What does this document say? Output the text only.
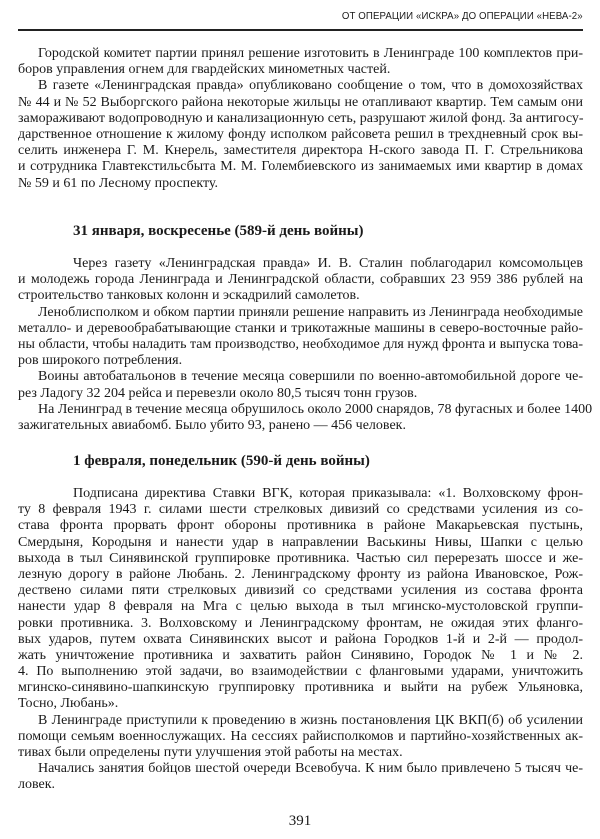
ОТ ОПЕРАЦИИ «ИСКРА» ДО ОПЕРАЦИИ «НЕВА-2»
Городской комитет партии принял решение изготовить в Ленинграде 100 комплектов при-
боров управления огнем для гвардейских минометных частей.
В газете «Ленинградская правда» опубликовано сообщение о том, что в домохозяйствах
№ 44 и № 52 Выборгского района некоторые жильцы не отапливают квартир. Тем самым они
замораживают водопроводную и канализационную сеть, разрушают жилой фонд. За антигосу-
дарственное отношение к жилому фонду исполком райсовета решил в трехдневный срок вы-
селить инженера Г. М. Кнерель, заместителя директора Н-ского завода П. Г. Стрельникова
и сотрудника Главтекстильсбыта М. М. Голембиевского из занимаемых ими квартир в домах
№ 59 и 61 по Лесному проспекту.
31 января, воскресенье (589-й день войны)
Через газету «Ленинградская правда» И. В. Сталин поблагодарил комсомольцев
и молодежь города Ленинграда и Ленинградской области, собравших 23 959 386 рублей на
строительство танковых колонн и эскадрилий самолетов.
Леноблисполком и обком партии приняли решение направить из Ленинграда необходимые
металло- и деревообрабатывающие станки и трикотажные машины в северо-восточные райо-
ны области, чтобы наладить там производство, необходимое для нужд фронта и выпуска това-
ров широкого потребления.
Воины автобатальонов в течение месяца совершили по военно-автомобильной дороге че-
рез Ладогу 32 204 рейса и перевезли около 80,5 тысяч тонн грузов.
На Ленинград в течение месяца обрушилось около 2000 снарядов, 78 фугасных и более 1400
зажигательных авиабомб. Было убито 93, ранено — 456 человек.
1 февраля, понедельник (590-й день войны)
Подписана директива Ставки ВГК, которая приказывала: «1. Волховскому фрон-
ту 8 февраля 1943 г. силами шести стрелковых дивизий со средствами усиления из со-
става фронта прорвать фронт обороны противника в районе Макарьевская пустынь,
Смердыня, Кородыня и нанести удар в направлении Васькины Нивы, Шапки с целью
выхода в тыл Синявинской группировке противника. Частью сил перерезать шоссе и же-
лезную дорогу в районе Любань. 2. Ленинградскому фронту из района Ивановское, Рож-
дествено силами пяти стрелковых дивизий со средствами усиления из состава фронта
нанести удар 8 февраля на Мга с целью выхода в тыл мгинско-мустоловской группи-
ровки противника. 3. Волховскому и Ленинградскому фронтам, не ожидая этих фланго-
вых ударов, путем охвата Синявинских высот и района Городков 1-й и 2-й — продол-
жать уничтожение противника и захватить район Синявино, Городок № 1 и № 2.
4. По выполнению этой задачи, во взаимодействии с фланговыми ударами, уничтожить
мгинско-синявино-шапкинскую группировку противника и выйти на рубеж Ульяновка,
Тосно, Любань».
В Ленинграде приступили к проведению в жизнь постановления ЦК ВКП(б) об усилении
помощи семьям военнослужащих. На сессиях райисполкомов и партийно-хозяйственных ак-
тивах были определены пути улучшения этой работы на местах.
Начались занятия бойцов шестой очереди Всевобуча. К ним было привлечено 5 тысяч че-
ловек.
391
